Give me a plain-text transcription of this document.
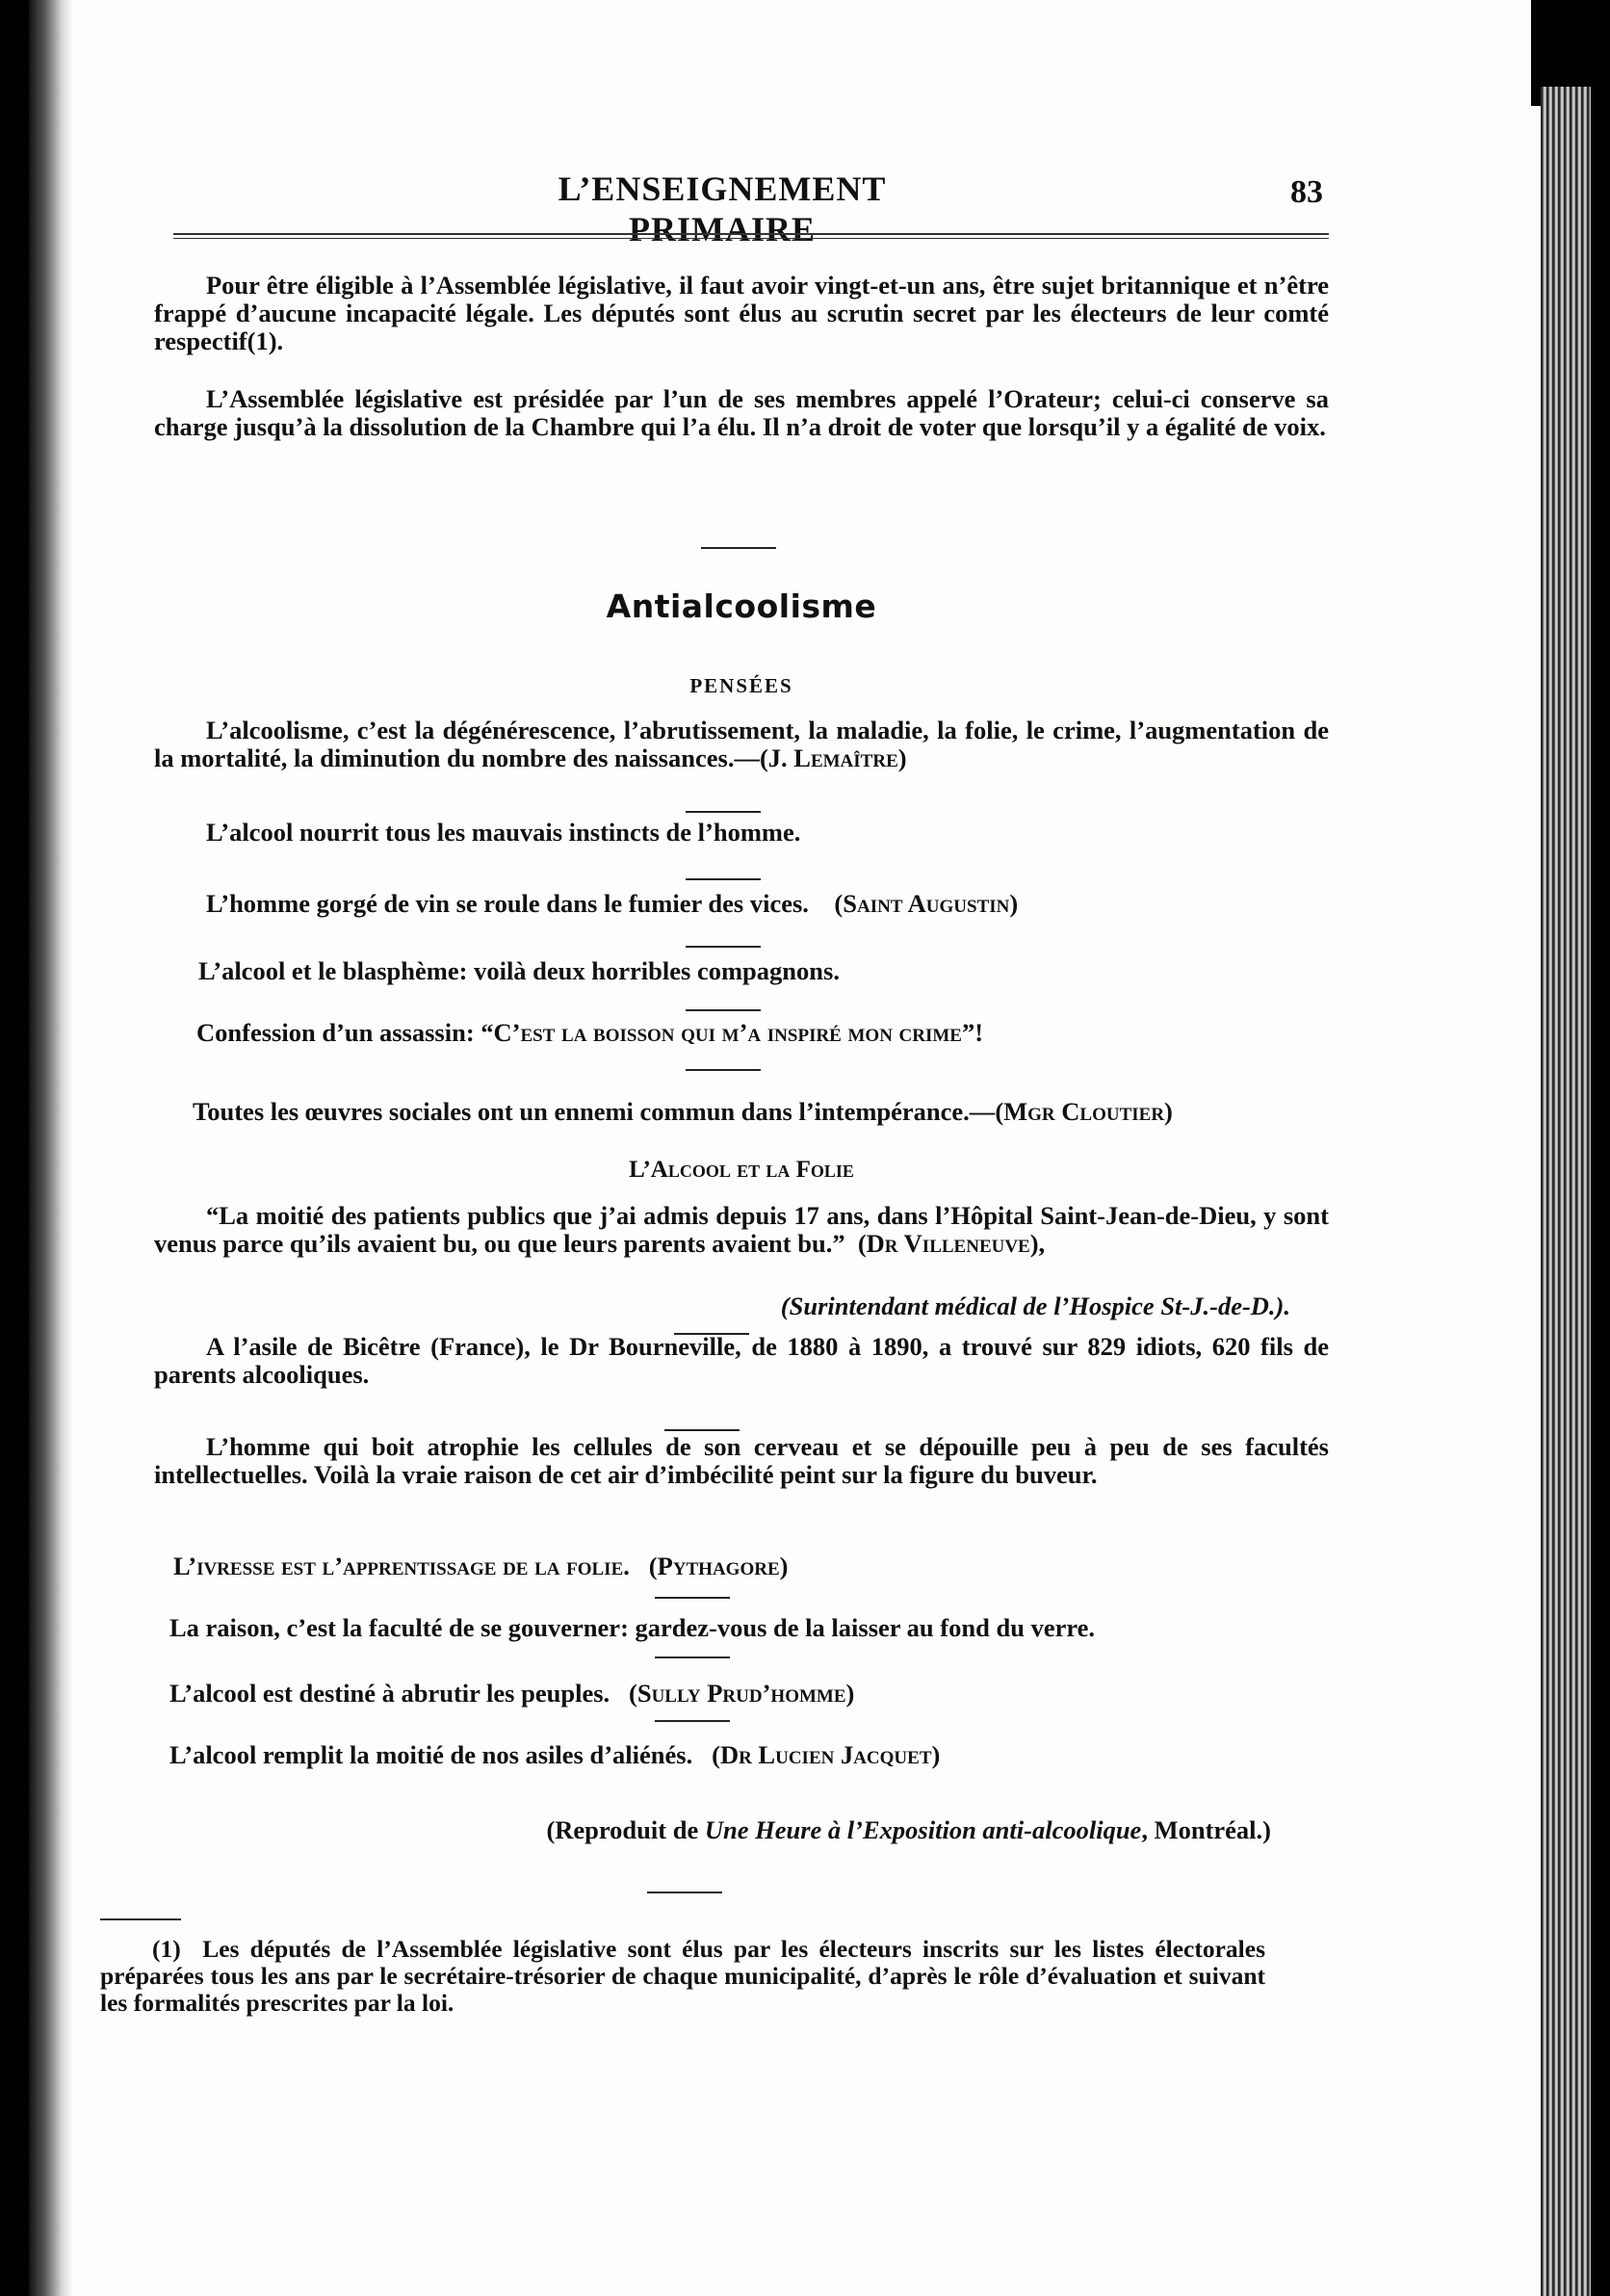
L’ENSEIGNEMENT PRIMAIRE
83
Pour être éligible à l’Assemblée législative, il faut avoir vingt-et-un ans, être sujet britannique et n’être frappé d’aucune incapacité légale. Les députés sont élus au scrutin secret par les électeurs de leur comté respectif(1).
L’Assemblée législative est présidée par l’un de ses membres appelé l’Orateur; celui-ci conserve sa charge jusqu’à la dissolution de la Chambre qui l’a élu. Il n’a droit de voter que lorsqu’il y a égalité de voix.
Antialcoolisme
PENSÉES
L’alcoolisme, c’est la dégénérescence, l’abrutissement, la maladie, la folie, le crime, l’augmentation de la mortalité, la diminution du nombre des naissances.—(J. Lemaître)
L’alcool nourrit tous les mauvais instincts de l’homme.
L’homme gorgé de vin se roule dans le fumier des vices. (Saint Augustin)
L’alcool et le blasphème: voilà deux horribles compagnons.
Confession d’un assassin: “C’est la boisson qui m’a inspiré mon crime”!
Toutes les œuvres sociales ont un ennemi commun dans l’intempérance.—(Mgr Cloutier)
L’Alcool et la Folie
“La moitié des patients publics que j’ai admis depuis 17 ans, dans l’Hôpital Saint-Jean-de-Dieu, y sont venus parce qu’ils avaient bu, ou que leurs parents avaient bu.” (Dr Villeneuve),
(Surintendant médical de l’Hospice St-J.-de-D.).
A l’asile de Bicêtre (France), le Dr Bourneville, de 1880 à 1890, a trouvé sur 829 idiots, 620 fils de parents alcooliques.
L’homme qui boit atrophie les cellules de son cerveau et se dépouille peu à peu de ses facultés intellectuelles. Voilà la vraie raison de cet air d’imbécilité peint sur la figure du buveur.
L’ivresse est l’apprentissage de la folie. (Pythagore)
La raison, c’est la faculté de se gouverner: gardez-vous de la laisser au fond du verre.
L’alcool est destiné à abrutir les peuples. (Sully Prud’homme)
L’alcool remplit la moitié de nos asiles d’aliénés. (Dr Lucien Jacquet)
(Reproduit de Une Heure à l’Exposition anti-alcoolique, Montréal.)
(1) Les députés de l’Assemblée législative sont élus par les électeurs inscrits sur les listes électorales préparées tous les ans par le secrétaire-trésorier de chaque municipalité, d’après le rôle d’évaluation et suivant les formalités prescrites par la loi.
